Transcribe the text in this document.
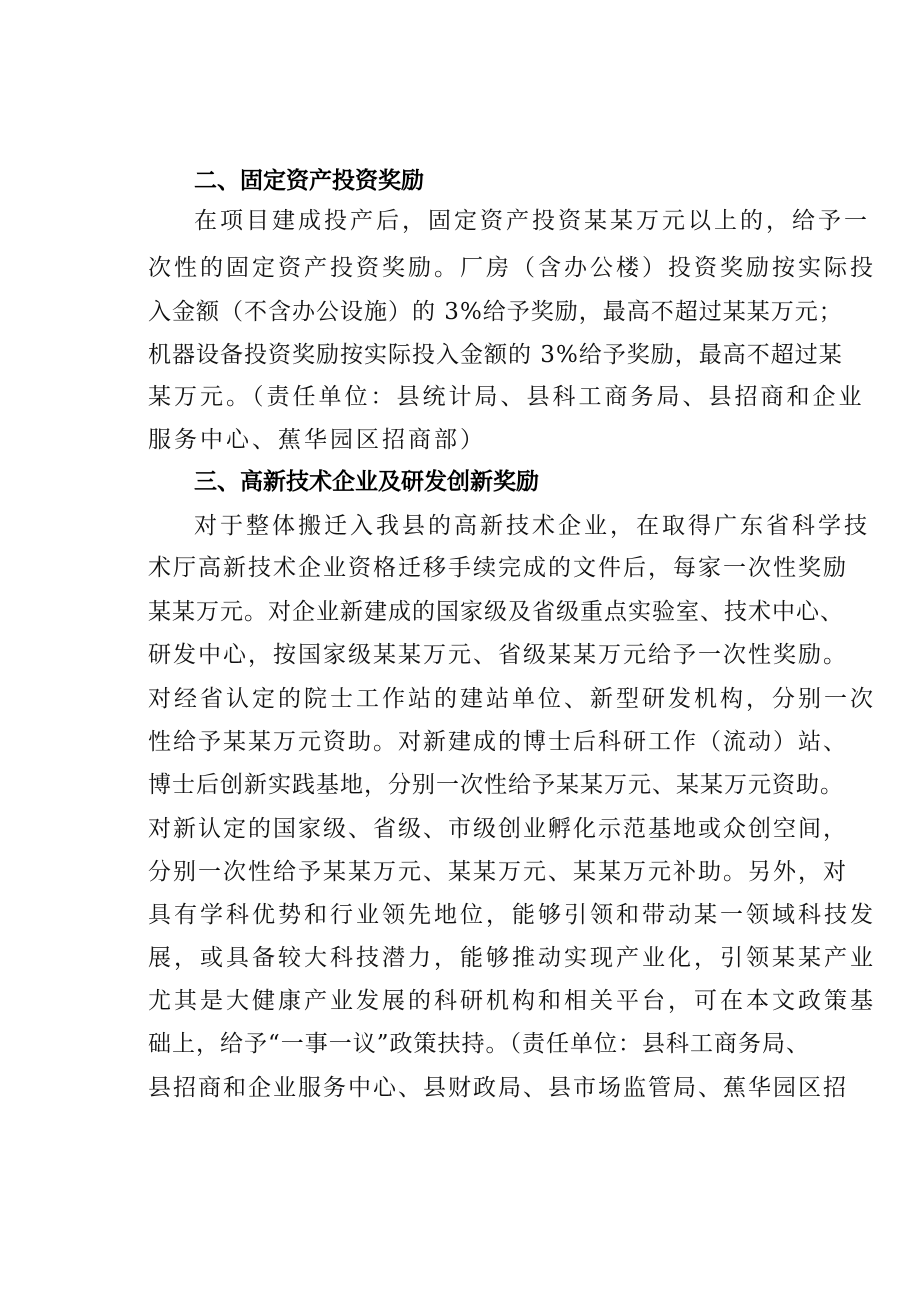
二、固定资产投资奖励
在项目建成投产后，固定资产投资某某万元以上的，给予一
次性的固定资产投资奖励。厂房（含办公楼）投资奖励按实际投
入金额（不含办公设施）的 3%给予奖励，最高不超过某某万元；
机器设备投资奖励按实际投入金额的 3%给予奖励，最高不超过某
某万元。（责任单位：县统计局、县科工商务局、县招商和企业
服务中心、蕉华园区招商部）
三、高新技术企业及研发创新奖励
对于整体搬迁入我县的高新技术企业，在取得广东省科学技
术厅高新技术企业资格迁移手续完成的文件后，每家一次性奖励
某某万元。对企业新建成的国家级及省级重点实验室、技术中心、
研发中心，按国家级某某万元、省级某某万元给予一次性奖励。
对经省认定的院士工作站的建站单位、新型研发机构，分别一次
性给予某某万元资助。对新建成的博士后科研工作（流动）站、
博士后创新实践基地，分别一次性给予某某万元、某某万元资助。
对新认定的国家级、省级、市级创业孵化示范基地或众创空间，
分别一次性给予某某万元、某某万元、某某万元补助。另外，对
具有学科优势和行业领先地位，能够引领和带动某一领域科技发
展，或具备较大科技潜力，能够推动实现产业化，引领某某产业
尤其是大健康产业发展的科研机构和相关平台，可在本文政策基
础上，给予“一事一议”政策扶持。（责任单位：县科工商务局、
县招商和企业服务中心、县财政局、县市场监管局、蕉华园区招
